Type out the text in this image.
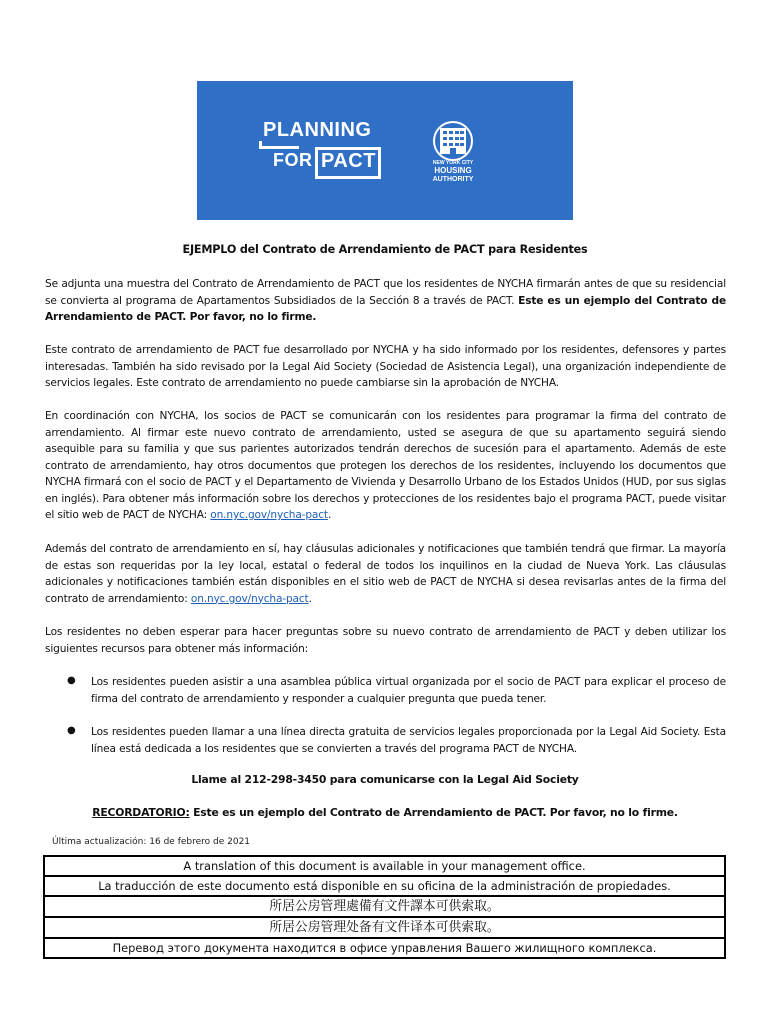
PLANNING
FOR PACT	NEW YORK CITY
HOUSING
AUTHORITY
EJEMPLO del Contrato de Arrendamiento de PACT para Residentes

Se adjunta una muestra del Contrato de Arrendamiento de PACT que los residentes de NYCHA firmarán antes de que su residencial se convierta al programa de Apartamentos Subsidiados de la Sección 8 a través de PACT. Este es un ejemplo del Contrato de Arrendamiento de PACT. Por favor, no lo firme.

Este contrato de arrendamiento de PACT fue desarrollado por NYCHA y ha sido informado por los residentes, defensores y partes interesadas. También ha sido revisado por la Legal Aid Society (Sociedad de Asistencia Legal), una organización independiente de servicios legales. Este contrato de arrendamiento no puede cambiarse sin la aprobación de NYCHA.

En coordinación con NYCHA, los socios de PACT se comunicarán con los residentes para programar la firma del contrato de arrendamiento. Al firmar este nuevo contrato de arrendamiento, usted se asegura de que su apartamento seguirá siendo asequible para su familia y que sus parientes autorizados tendrán derechos de sucesión para el apartamento. Además de este contrato de arrendamiento, hay otros documentos que protegen los derechos de los residentes, incluyendo los documentos que NYCHA firmará con el socio de PACT y el Departamento de Vivienda y Desarrollo Urbano de los Estados Unidos (HUD, por sus siglas en inglés). Para obtener más información sobre los derechos y protecciones de los residentes bajo el programa PACT, puede visitar el sitio web de PACT de NYCHA: on.nyc.gov/nycha-pact.

Además del contrato de arrendamiento en sí, hay cláusulas adicionales y notificaciones que también tendrá que firmar. La mayoría de estas son requeridas por la ley local, estatal o federal de todos los inquilinos en la ciudad de Nueva York. Las cláusulas adicionales y notificaciones también están disponibles en el sitio web de PACT de NYCHA si desea revisarlas antes de la firma del contrato de arrendamiento: on.nyc.gov/nycha-pact.

Los residentes no deben esperar para hacer preguntas sobre su nuevo contrato de arrendamiento de PACT y deben utilizar los siguientes recursos para obtener más información:

● Los residentes pueden asistir a una asamblea pública virtual organizada por el socio de PACT para explicar el proceso de firma del contrato de arrendamiento y responder a cualquier pregunta que pueda tener.

● Los residentes pueden llamar a una línea directa gratuita de servicios legales proporcionada por la Legal Aid Society. Esta línea está dedicada a los residentes que se convierten a través del programa PACT de NYCHA.

Llame al 212-298-3450 para comunicarse con la Legal Aid Society
RECORDATORIO: Este es un ejemplo del Contrato de Arrendamiento de PACT. Por favor, no lo firme.
Última actualización: 16 de febrero de 2021
A translation of this document is available in your management office.
La traducción de este documento está disponible en su oficina de la administración de propiedades.
所居公房管理處備有文件譯本可供索取。
所居公房管理处备有文件译本可供索取。
Перевод этого документа находится в офисе управления Вашего жилищного комплекса.
